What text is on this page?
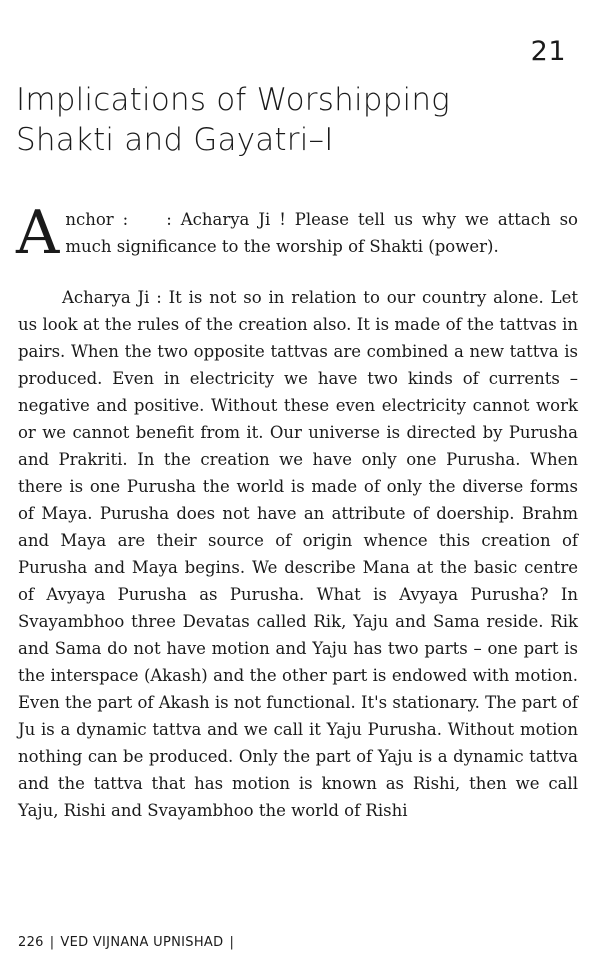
21
Implications of Worshipping
Shakti and Gayatri–I
Anchor : : Acharya Ji ! Please tell us why we attach so much significance to the worship of Shakti (power).
Acharya Ji : It is not so in relation to our country alone. Let us look at the rules of the creation also. It is made of the tattvas in pairs. When the two opposite tattvas are combined a new tattva is produced. Even in electricity we have two kinds of currents – negative and positive. Without these even electricity cannot work or we cannot benefit from it. Our universe is directed by Purusha and Prakriti. In the creation we have only one Purusha. When there is one Purusha the world is made of only the diverse forms of Maya. Purusha does not have an attribute of doership. Brahm and Maya are their source of origin whence this creation of Purusha and Maya begins. We describe Mana at the basic centre of Avyaya Purusha as Purusha. What is Avyaya Purusha? In Svayambhoo three Devatas called Rik, Yaju and Sama reside. Rik and Sama do not have motion and Yaju has two parts – one part is the interspace (Akash) and the other part is endowed with motion. Even the part of Akash is not functional. It's stationary. The part of Ju is a dynamic tattva and we call it Yaju Purusha. Without motion nothing can be produced. Only the part of Yaju is a dynamic tattva and the tattva that has motion is known as Rishi, then we call Yaju, Rishi and Svayambhoo the world of Rishi
226 | VED VIJNANA UPNISHAD |
